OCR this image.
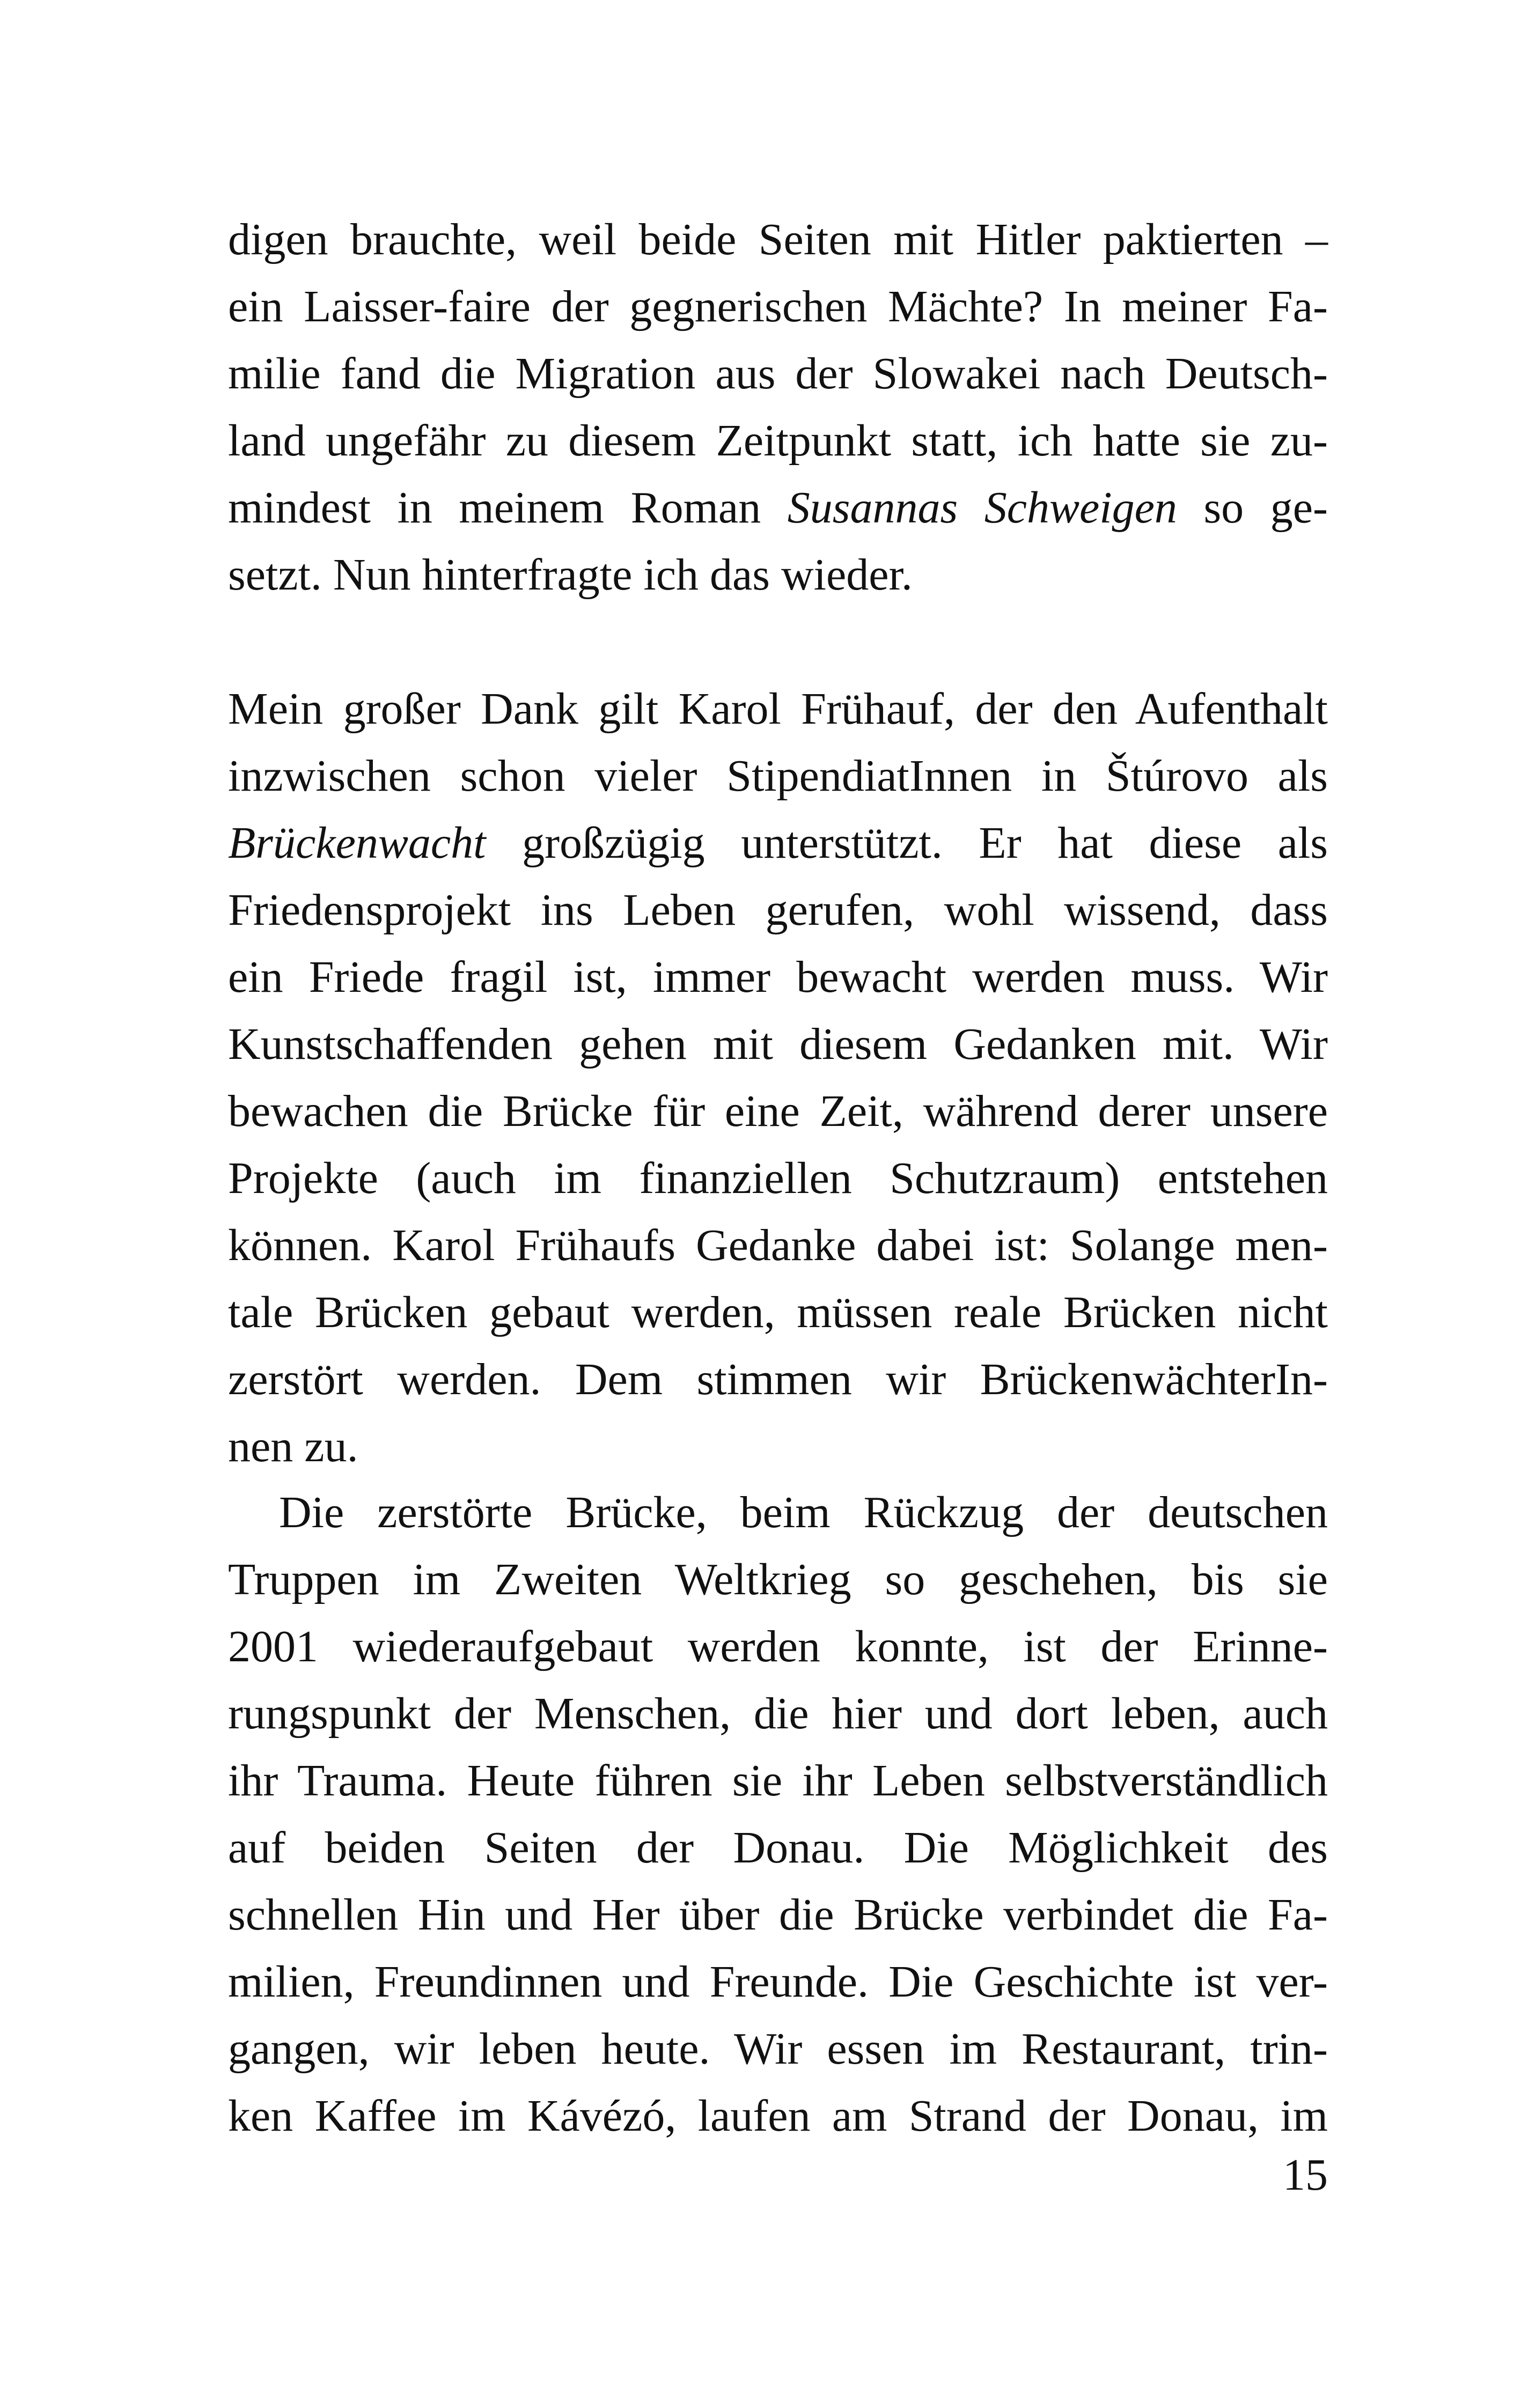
digen brauchte, weil beide Seiten mit Hitler paktierten –
ein Laisser-faire der gegnerischen Mächte? In meiner Fa-
milie fand die Migration aus der Slowakei nach Deutsch-
land ungefähr zu diesem Zeitpunkt statt, ich hatte sie zu-
mindest in meinem Roman Susannas Schweigen so ge-
setzt. Nun hinterfragte ich das wieder.
Mein großer Dank gilt Karol Frühauf, der den Aufenthalt
inzwischen schon vieler StipendiatInnen in Štúrovo als
Brückenwacht großzügig unterstützt. Er hat diese als
Friedensprojekt ins Leben gerufen, wohl wissend, dass
ein Friede fragil ist, immer bewacht werden muss. Wir
Kunstschaffenden gehen mit diesem Gedanken mit. Wir
bewachen die Brücke für eine Zeit, während derer unsere
Projekte (auch im finanziellen Schutzraum) entstehen
können. Karol Frühaufs Gedanke dabei ist: Solange men-
tale Brücken gebaut werden, müssen reale Brücken nicht
zerstört werden. Dem stimmen wir BrückenwächterIn-
nen zu.
Die zerstörte Brücke, beim Rückzug der deutschen
Truppen im Zweiten Weltkrieg so geschehen, bis sie
2001 wiederaufgebaut werden konnte, ist der Erinne-
rungspunkt der Menschen, die hier und dort leben, auch
ihr Trauma. Heute führen sie ihr Leben selbstverständlich
auf beiden Seiten der Donau. Die Möglichkeit des
schnellen Hin und Her über die Brücke verbindet die Fa-
milien, Freundinnen und Freunde. Die Geschichte ist ver-
gangen, wir leben heute. Wir essen im Restaurant, trin-
ken Kaffee im Kávézó, laufen am Strand der Donau, im
15
